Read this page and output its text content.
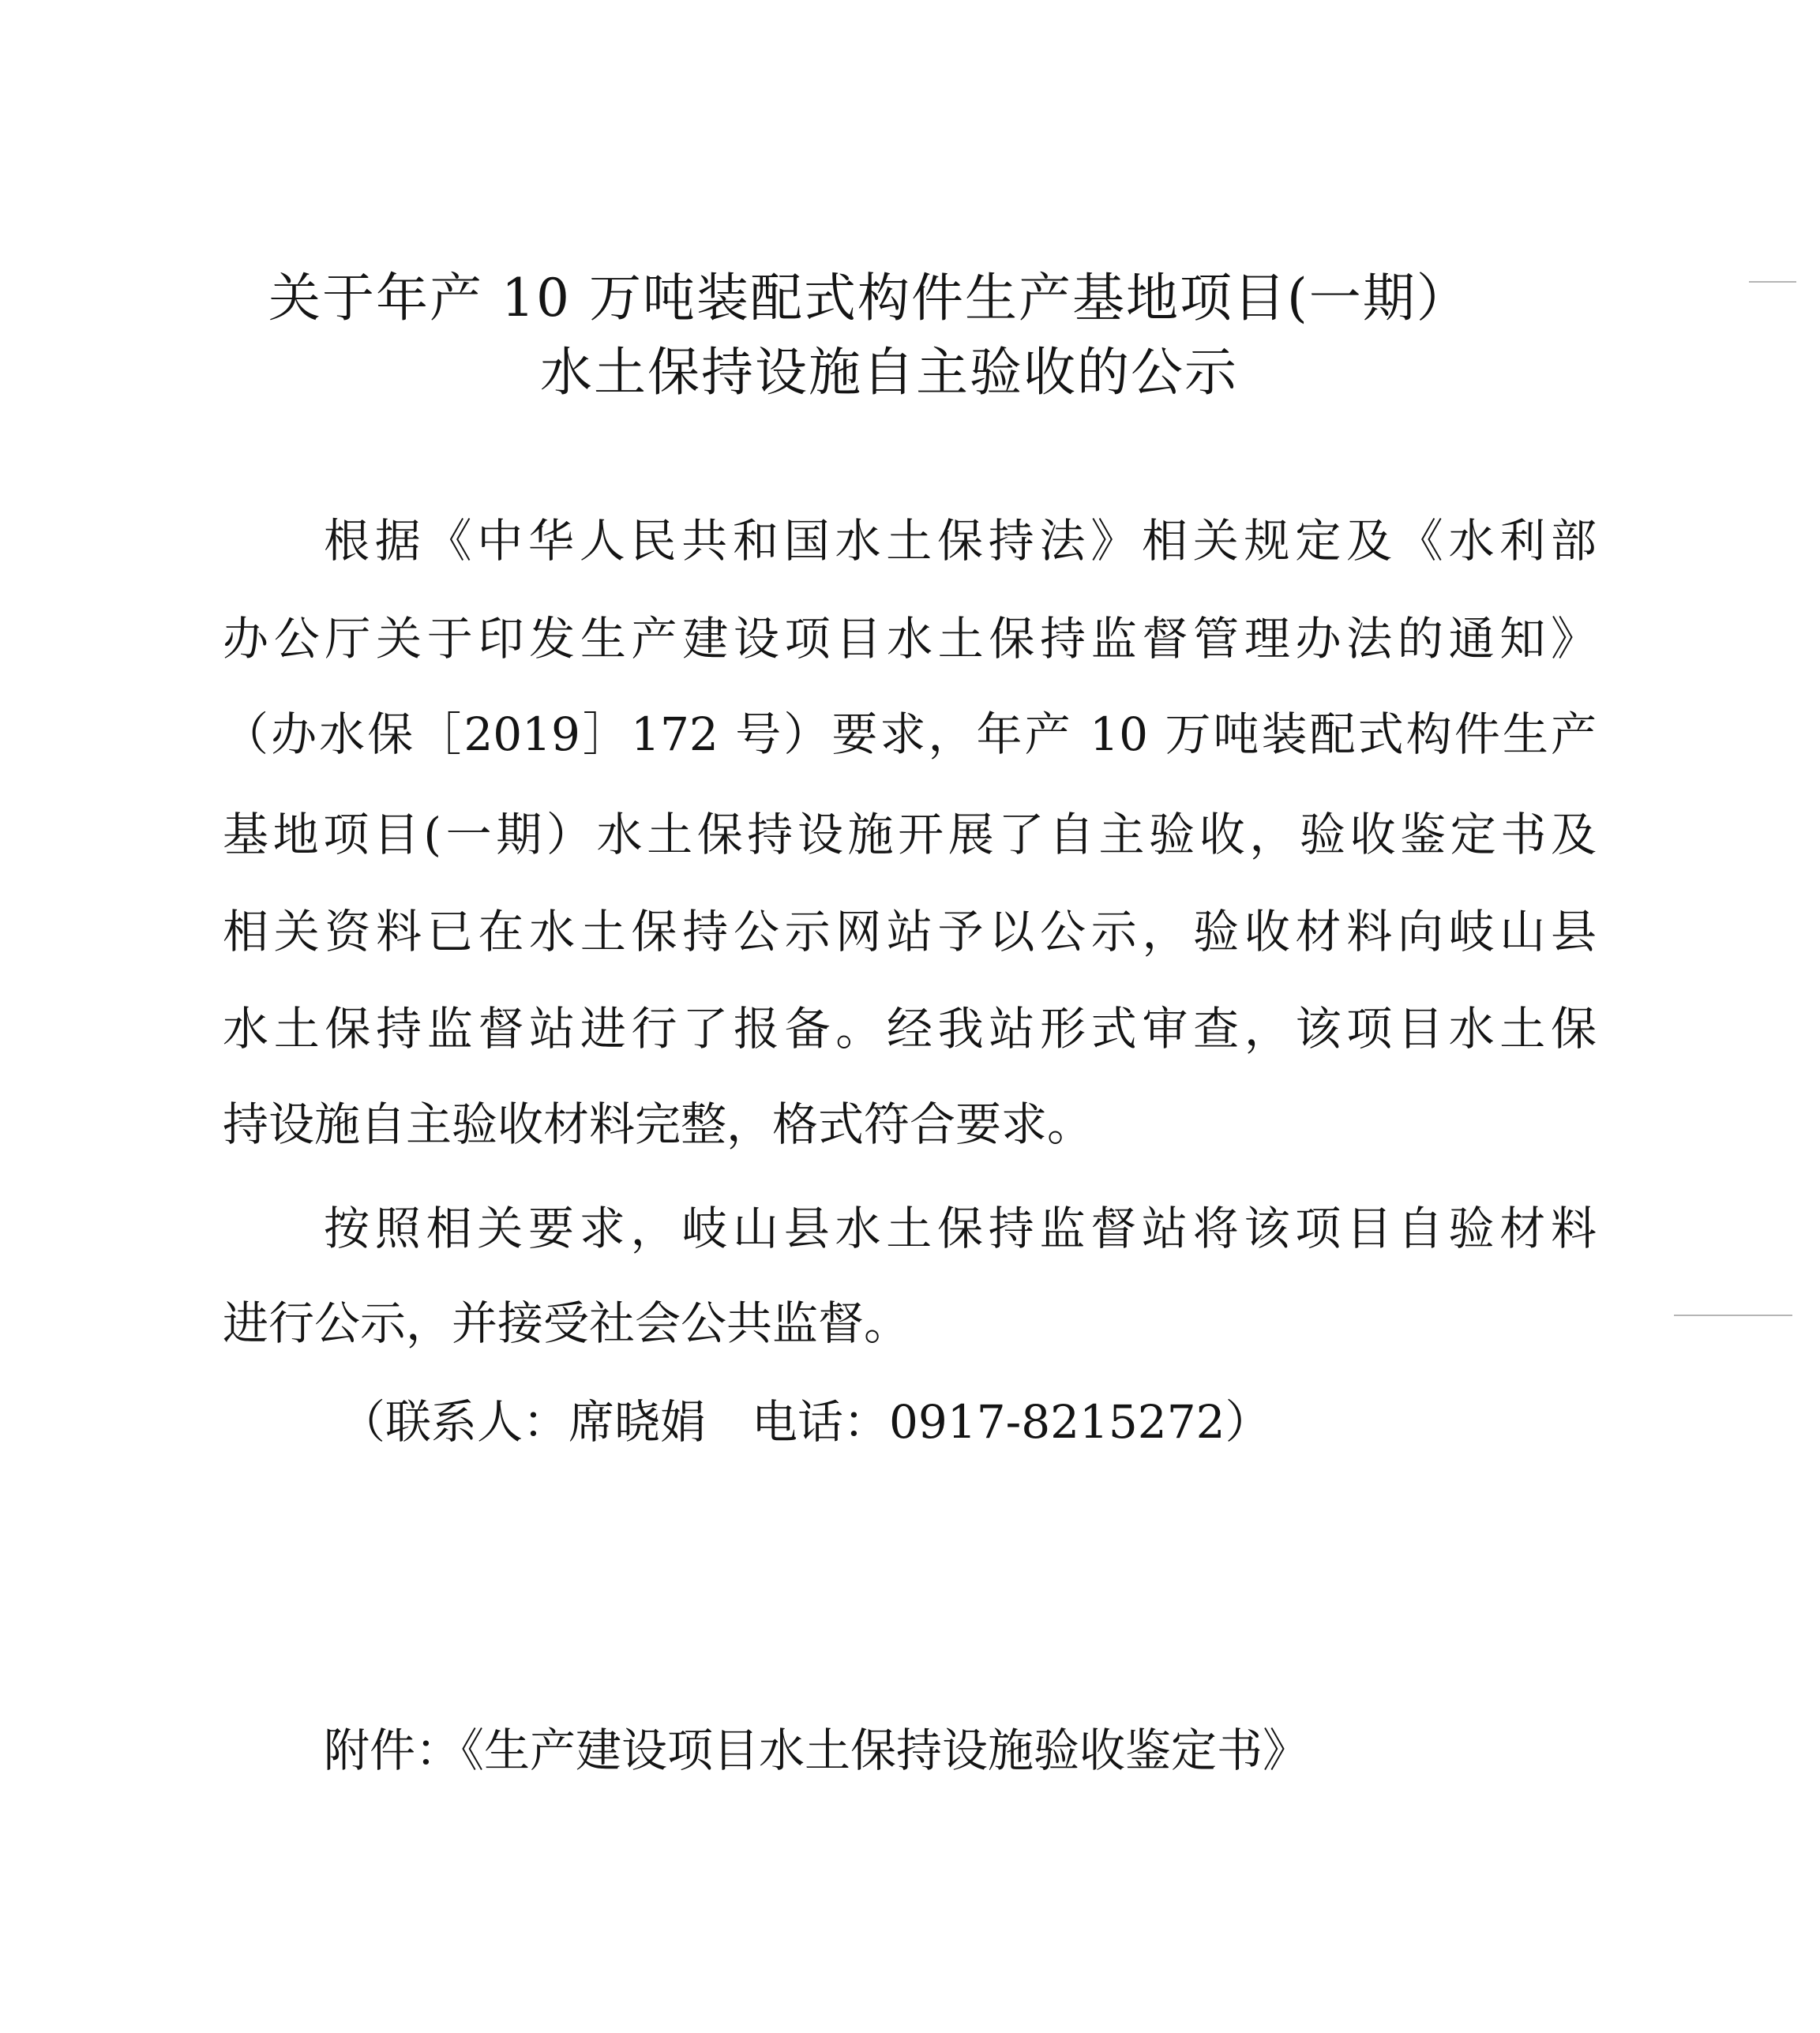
关于年产 10 万吨装配式构件生产基地项目(一期）
水土保持设施自主验收的公示
根据《中华人民共和国水土保持法》相关规定及《水利部
办公厅关于印发生产建设项目水土保持监督管理办法的通知》
（办水保［2019］172 号）要求，年产 10 万吨装配式构件生产
基地项目(一期）水土保持设施开展了自主验收，验收鉴定书及
相关资料已在水土保持公示网站予以公示，验收材料向岐山县
水土保持监督站进行了报备。经我站形式审查，该项目水土保
持设施自主验收材料完整，格式符合要求。
按照相关要求，岐山县水土保持监督站将该项目自验材料
进行公示，并接受社会公共监督。
（联系人：席晓娟　电话：0917-8215272）
附件：《生产建设项目水土保持设施验收鉴定书》
